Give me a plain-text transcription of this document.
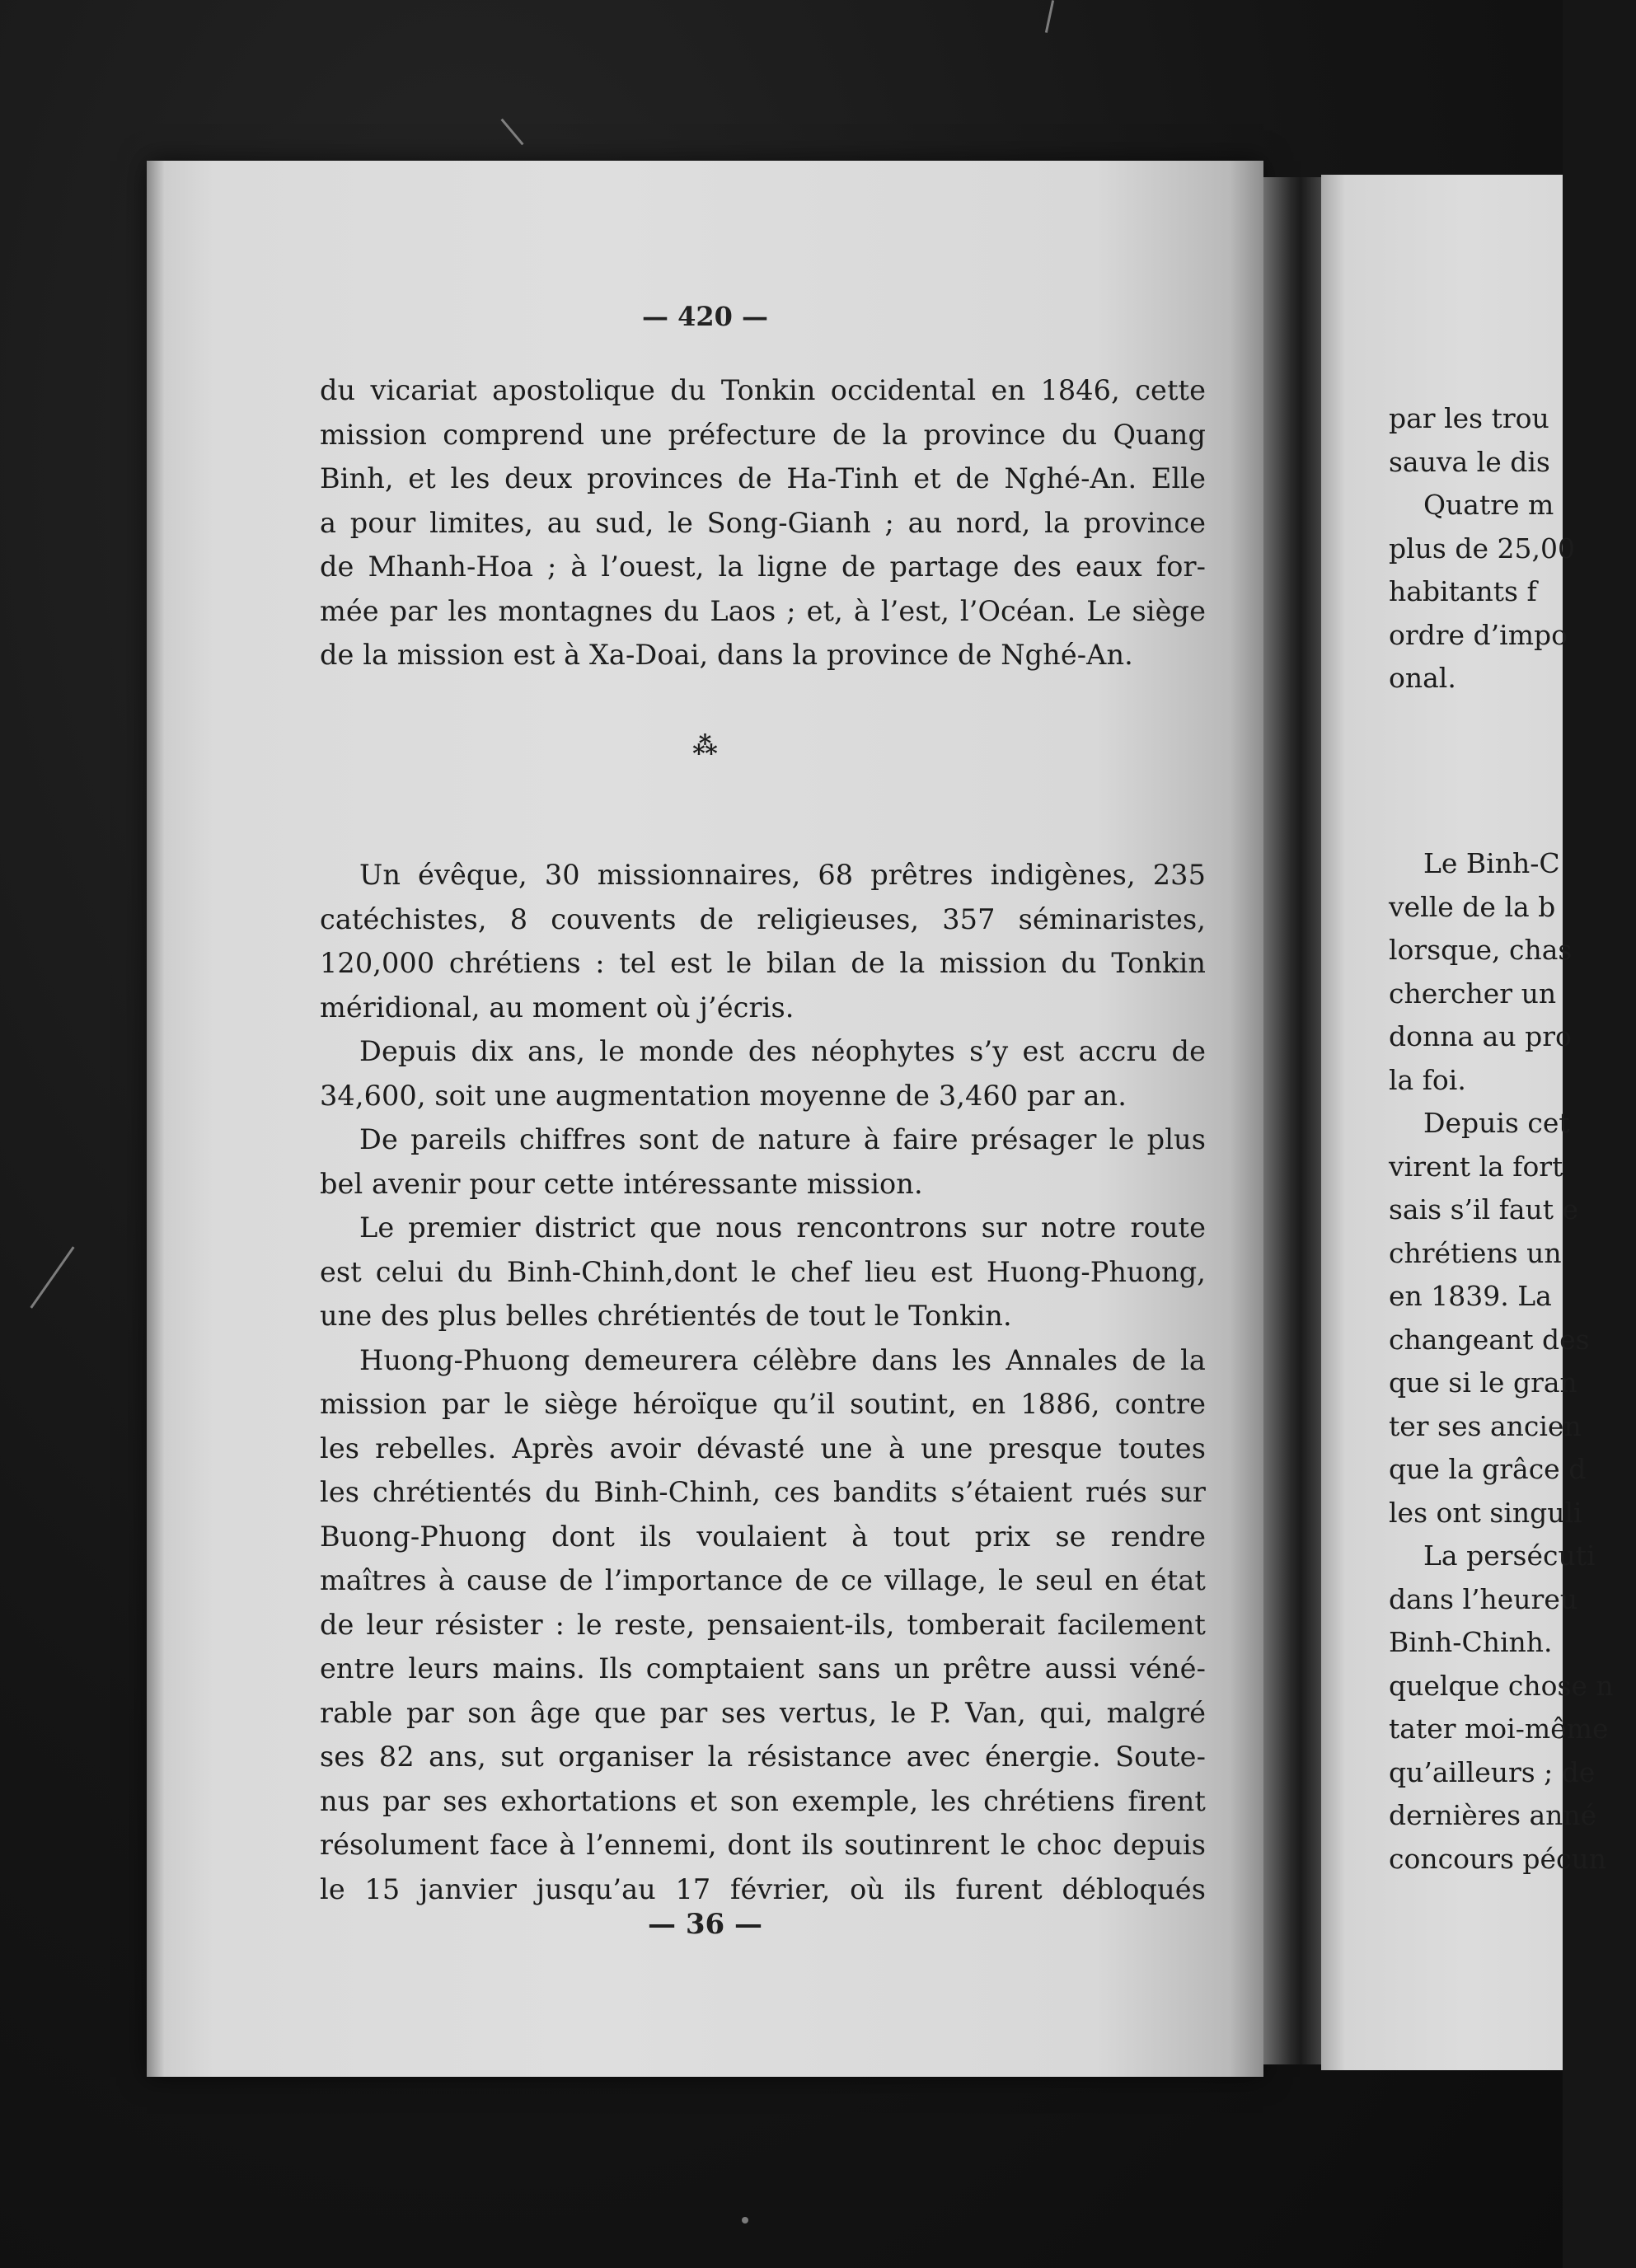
— 420 —

du vicariat apostolique du Tonkin occidental en 1846, cette

mission comprend une préfecture de la province du Quang

Binh, et les deux provinces de Ha-Tinh et de Nghé-An. Elle

a pour limites, au sud, le Song-Gianh ; au nord, la province

de Mhanh-Hoa ; à l’ouest, la ligne de partage des eaux for-

mée par les montagnes du Laos ; et, à l’est, l’Océan. Le siège

de la mission est à Xa-Doai, dans la province de Nghé-An.

⁂

Un évêque, 30 missionnaires, 68 prêtres indigènes, 235

catéchistes, 8 couvents de religieuses, 357 séminaristes,

120,000 chrétiens : tel est le bilan de la mission du Tonkin

méridional, au moment où j’écris.

Depuis dix ans, le monde des néophytes s’y est accru de

34,600, soit une augmentation moyenne de 3,460 par an.

De pareils chiffres sont de nature à faire présager le plus

bel avenir pour cette intéressante mission.

Le premier district que nous rencontrons sur notre route

est celui du Binh-Chinh,dont le chef lieu est Huong-Phuong,

une des plus belles chrétientés de tout le Tonkin.

Huong-Phuong demeurera célèbre dans les Annales de la

mission par le siège héroïque qu’il soutint, en 1886, contre

les rebelles. Après avoir dévasté une à une presque toutes

les chrétientés du Binh-Chinh, ces bandits s’étaient rués sur

Buong-Phuong dont ils voulaient à tout prix se rendre

maîtres à cause de l’importance de ce village, le seul en état

de leur résister : le reste, pensaient-ils, tomberait facilement

entre leurs mains. Ils comptaient sans un prêtre aussi véné-

rable par son âge que par ses vertus, le P. Van, qui, malgré

ses 82 ans, sut organiser la résistance avec énergie. Soute-

nus par ses exhortations et son exemple, les chrétiens firent

résolument face à l’ennemi, dont ils soutinrent le choc depuis

le 15 janvier jusqu’au 17 février, où ils furent débloqués

— 36 —
par les trou
sauva le dis
Quatre m
plus de 25,00
habitants f
ordre d’impo
onal.
Le Binh-C
velle de la b
lorsque, chas
chercher un
donna au pro
la foi.
Depuis cet
virent la fort
sais s’il faut e
chrétiens un
en 1839. La
changeant des
que si le gran
ter ses ancien
que la grâce d
les ont singuli
La persécuti
dans l’heureu
Binh-Chinh.
quelque chose n
tater moi-même
qu’ailleurs ; de
dernières anné
concours pécun
